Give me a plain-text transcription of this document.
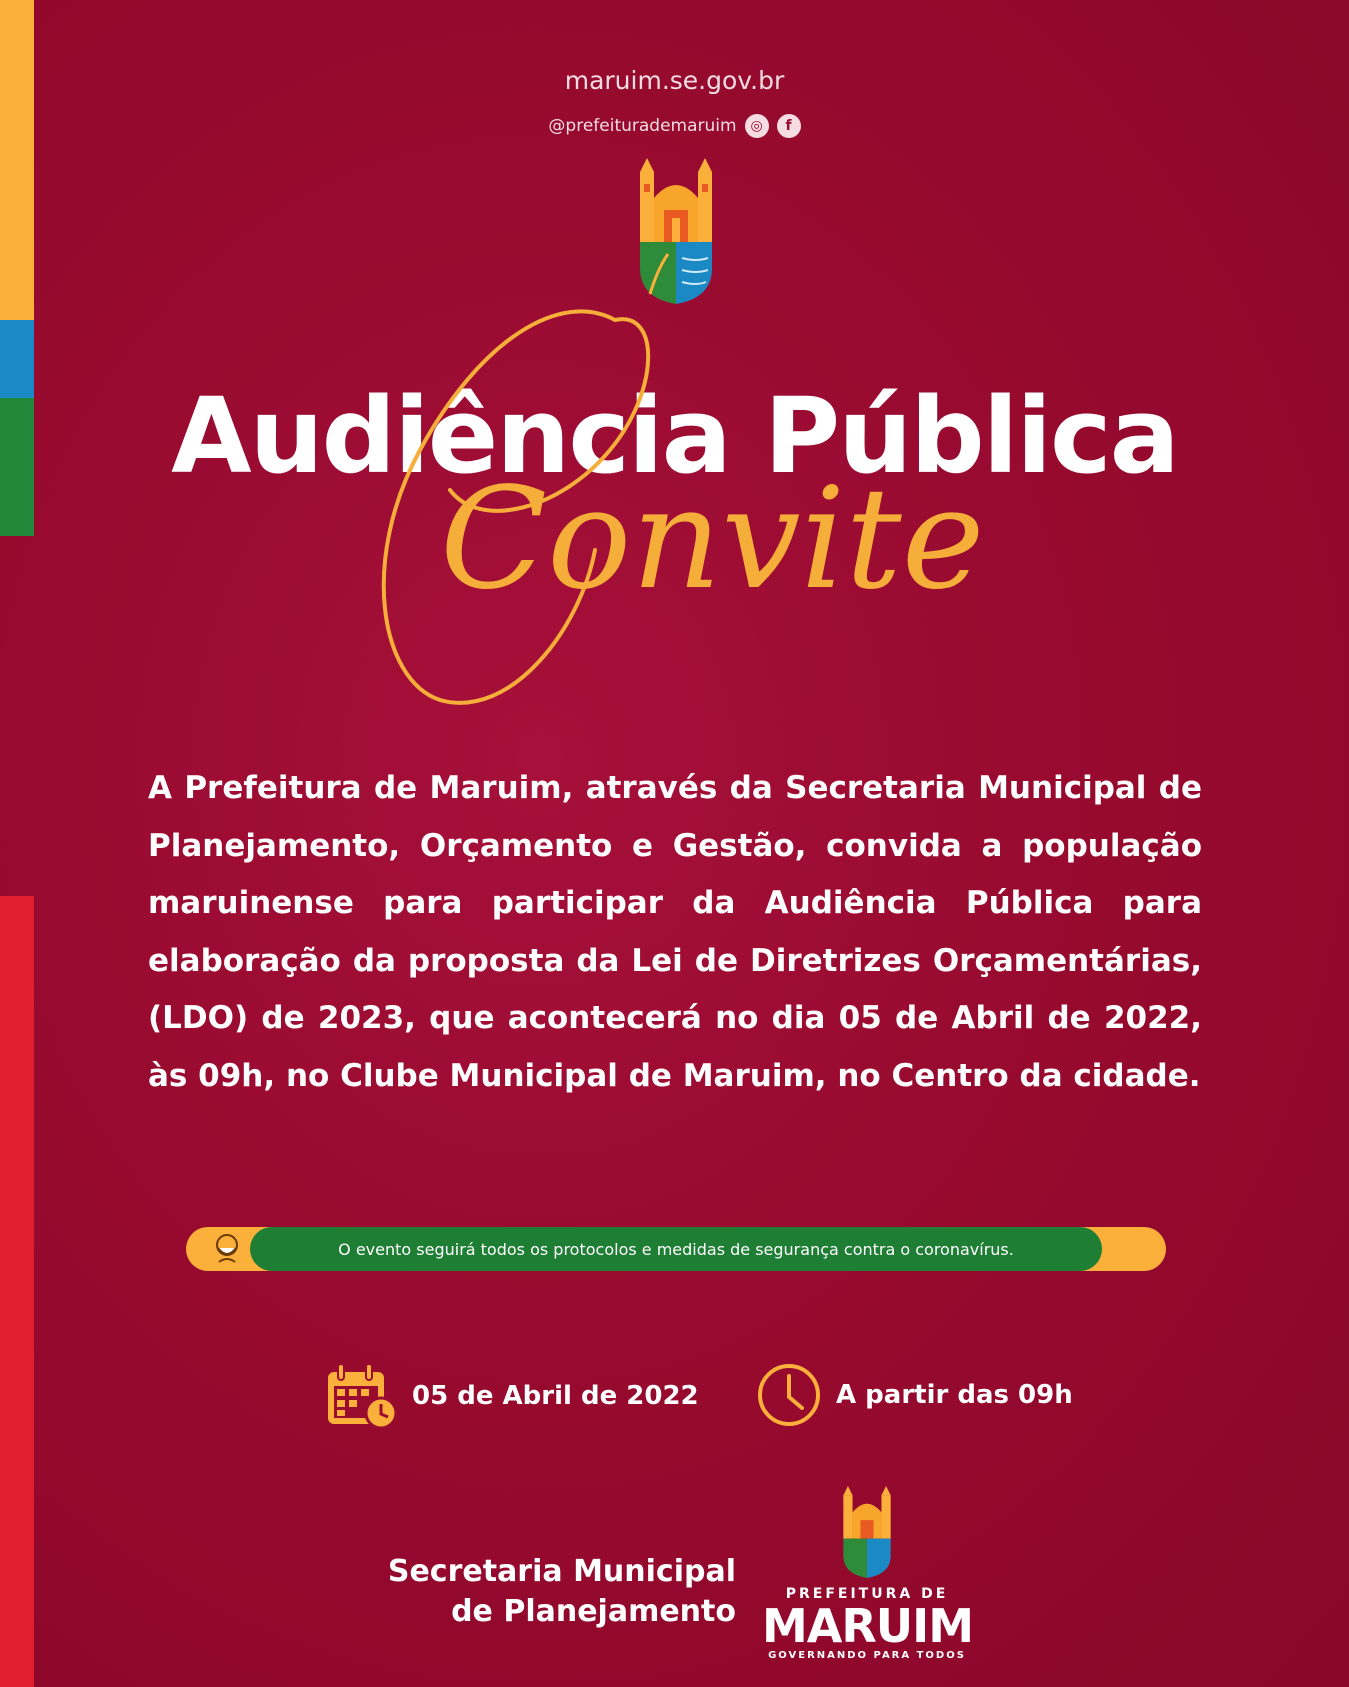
maruim.se.gov.br
@prefeiturademaruim ◎	f
Audiência Pública
Convite
A Prefeitura de Maruim, através da Secretaria Municipal de Planejamento, Orçamento e Gestão, convida a população maruinense para participar da Audiência Pública para elaboração da proposta da Lei de Diretrizes Orçamentárias, (LDO) de 2023, que acontecerá no dia 05 de Abril de 2022, às 09h, no Clube Municipal de Maruim, no Centro da cidade.
O evento seguirá todos os protocolos e medidas de segurança contra o coronavírus.
05 de Abril de 2022	A partir das 09h
Secretaria Municipal
de Planejamento	PREFEITURA DE
MARUIM
GOVERNANDO PARA TODOS
